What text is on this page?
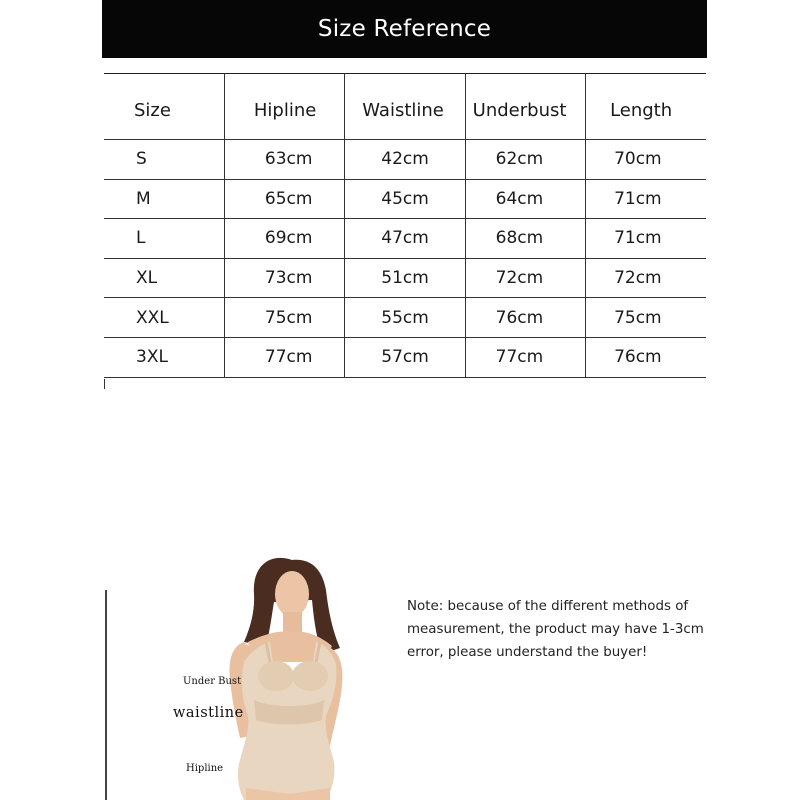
Size Reference
Size	Hipline	Waistline	Underbust	Length
S	63cm	42cm	62cm	70cm
M	65cm	45cm	64cm	71cm
L	69cm	47cm	68cm	71cm
XL	73cm	51cm	72cm	72cm
XXL	75cm	55cm	76cm	75cm
3XL	77cm	57cm	77cm	76cm
Under Bust
waistline
Hipline
Note: because of the different methods of
measurement, the product may have 1-3cm
error, please understand the buyer!
